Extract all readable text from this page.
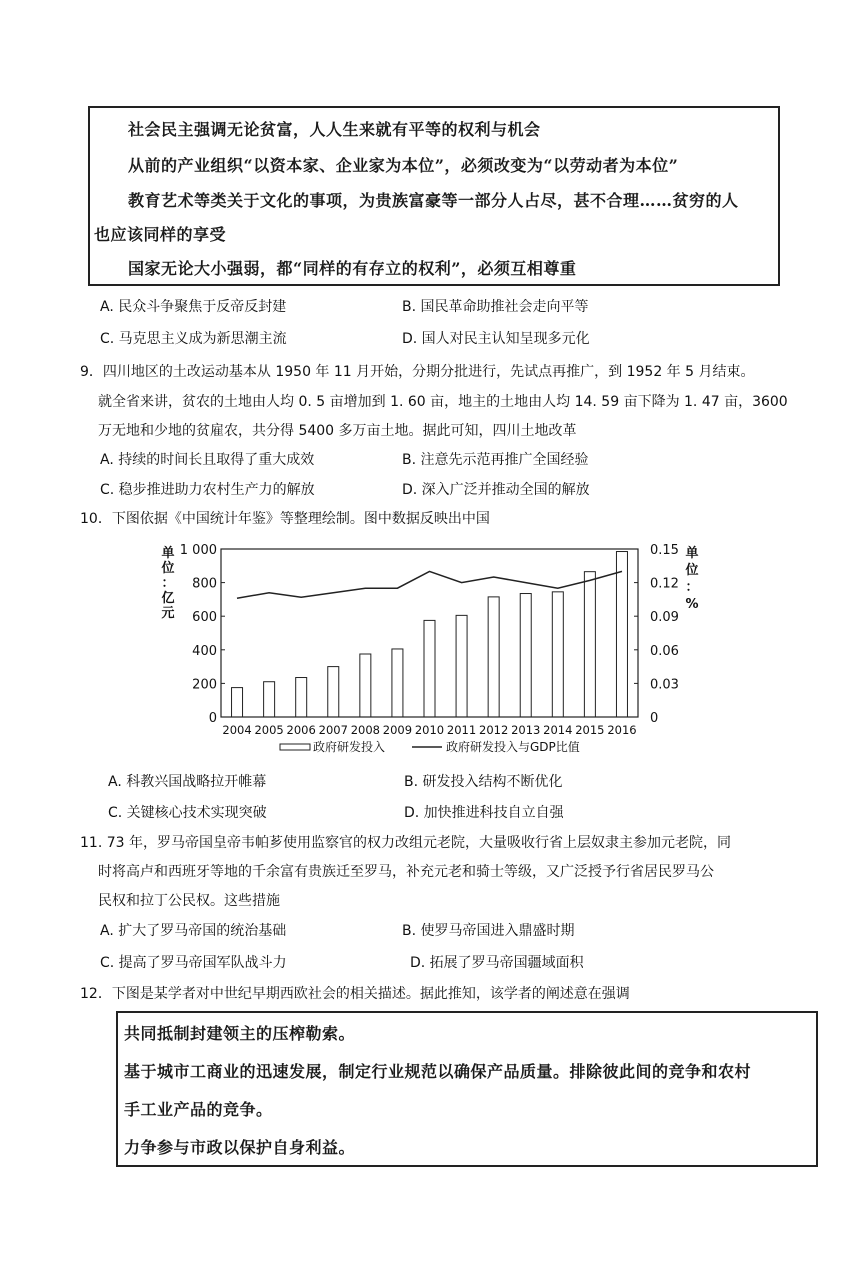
社会民主强调无论贫富，人人生来就有平等的权利与机会
从前的产业组织“以资本家、企业家为本位”，必须改变为“以劳动者为本位”
教育艺术等类关于文化的事项，为贵族富豪等一部分人占尽，甚不合理……贫穷的人
也应该同样的享受
国家无论大小强弱，都“同样的有存立的权利”，必须互相尊重
A. 民众斗争聚焦于反帝反封建	B. 国民革命助推社会走向平等
C. 马克思主义成为新思潮主流	D. 国人对民主认知呈现多元化
9．四川地区的土改运动基本从 1950 年 11 月开始，分期分批进行，先试点再推广，到 1952 年 5 月结束。
就全省来讲，贫农的土地由人均 0. 5 亩增加到 1. 60 亩，地主的土地由人均 14. 59 亩下降为 1. 47 亩，3600
万无地和少地的贫雇农，共分得 5400 多万亩土地。据此可知，四川土地改革
A. 持续的时间长且取得了重大成效	B. 注意先示范再推广全国经验
C. 稳步推进助力农村生产力的解放	D. 深入广泛并推动全国的解放
10．下图依据《中国统计年鉴》等整理绘制。图中数据反映出中国
0
200
400
600
800
1 000
0
0.03
0.06
0.09
0.12
0.15
2004 2005 2006 2007 2008 2009 2010 2011 2012 2013 2014 2015 2016
单
位
：
亿
元
单
位
：
%
政府研发投入	政府研发投入与GDP比值
A. 科教兴国战略拉开帷幕	B. 研发投入结构不断优化
C. 关键核心技术实现突破	D. 加快推进科技自立自强
11. 73 年，罗马帝国皇帝韦帕芗使用监察官的权力改组元老院，大量吸收行省上层奴隶主参加元老院，同
时将高卢和西班牙等地的千余富有贵族迁至罗马，补充元老和骑士等级，又广泛授予行省居民罗马公
民权和拉丁公民权。这些措施
A. 扩大了罗马帝国的统治基础	B. 使罗马帝国进入鼎盛时期
C. 提高了罗马帝国军队战斗力	D. 拓展了罗马帝国疆域面积
12．下图是某学者对中世纪早期西欧社会的相关描述。据此推知，该学者的阐述意在强调
共同抵制封建领主的压榨勒索。
基于城市工商业的迅速发展，制定行业规范以确保产品质量。排除彼此间的竞争和农村
手工业产品的竞争。
力争参与市政以保护自身利益。
